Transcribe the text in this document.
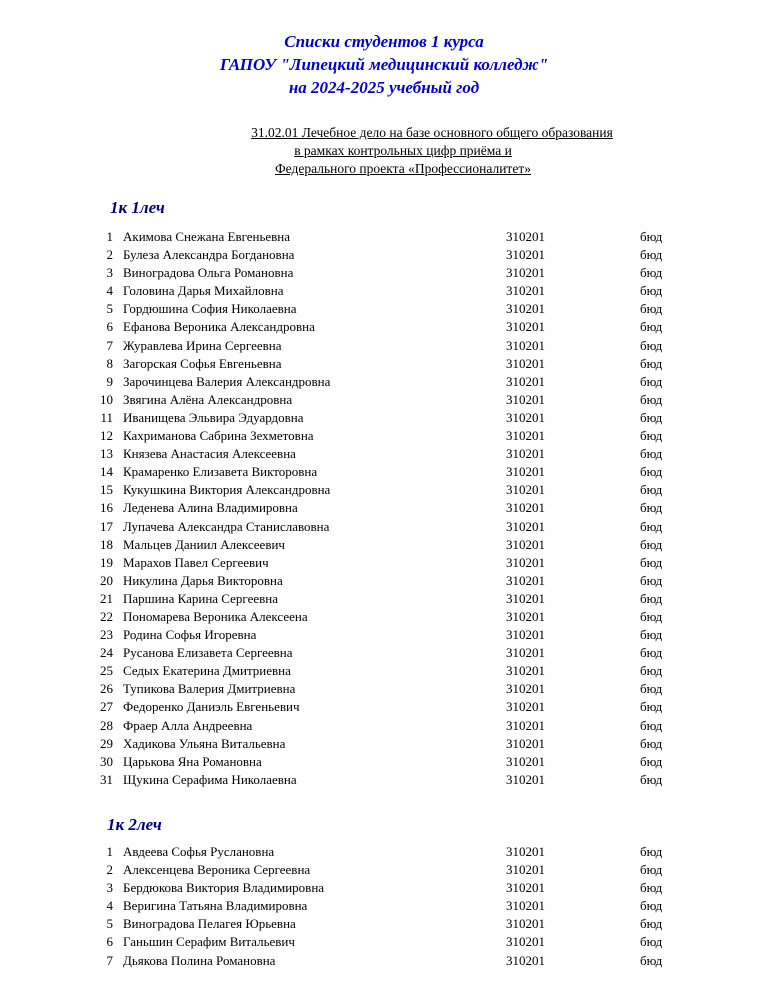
Списки студентов 1 курса
ГАПОУ "Липецкий медицинский колледж"
на 2024-2025 учебный год
31.02.01 Лечебное дело на базе основного общего образования
в рамках контрольных цифр приёма и
Федерального проекта «Профессионалитет»
1к 1леч
1 Акимова Снежана Евгеньевна	310201	бюд
2 Булеза Александра Богдановна	310201	бюд
3 Виноградова Ольга Романовна	310201	бюд
4 Головина Дарья Михайловна	310201	бюд
5 Гордюшина София Николаевна	310201	бюд
6 Ефанова Вероника Александровна	310201	бюд
7 Журавлева Ирина Сергеевна	310201	бюд
8 Загорская Софья Евгеньевна	310201	бюд
9 Зарочинцева Валерия Александровна	310201	бюд
10 Звягина Алёна Александровна	310201	бюд
11 Иванищева Эльвира Эдуардовна	310201	бюд
12 Кахриманова Сабрина Зехметовна	310201	бюд
13 Князева Анастасия Алексеевна	310201	бюд
14 Крамаренко Елизавета Викторовна	310201	бюд
15 Кукушкина Виктория Александровна	310201	бюд
16 Леденева Алина Владимировна	310201	бюд
17 Лупачева Александра Станиславовна	310201	бюд
18 Мальцев Даниил Алексеевич	310201	бюд
19 Марахов Павел Сергеевич	310201	бюд
20 Никулина Дарья Викторовна	310201	бюд
21 Паршина Карина Сергеевна	310201	бюд
22 Пономарева Вероника Алексеена	310201	бюд
23 Родина Софья Игоревна	310201	бюд
24 Русанова Елизавета Сергеевна	310201	бюд
25 Седых Екатерина Дмитриевна	310201	бюд
26 Тупикова Валерия Дмитриевна	310201	бюд
27 Федоренко Даниэль Евгеньевич	310201	бюд
28 Фраер Алла Андреевна	310201	бюд
29 Хадикова Ульяна Витальевна	310201	бюд
30 Царькова Яна Романовна	310201	бюд
31 Щукина Серафима Николаевна	310201	бюд
1к 2леч
1 Авдеева Софья Руслановна	310201	бюд
2 Алексенцева Вероника Сергеевна	310201	бюд
3 Бердюкова Виктория Владимировна	310201	бюд
4 Веригина Татьяна Владимировна	310201	бюд
5 Виноградова Пелагея Юрьевна	310201	бюд
6 Ганьшин Серафим Витальевич	310201	бюд
7 Дьякова Полина Романовна	310201	бюд
